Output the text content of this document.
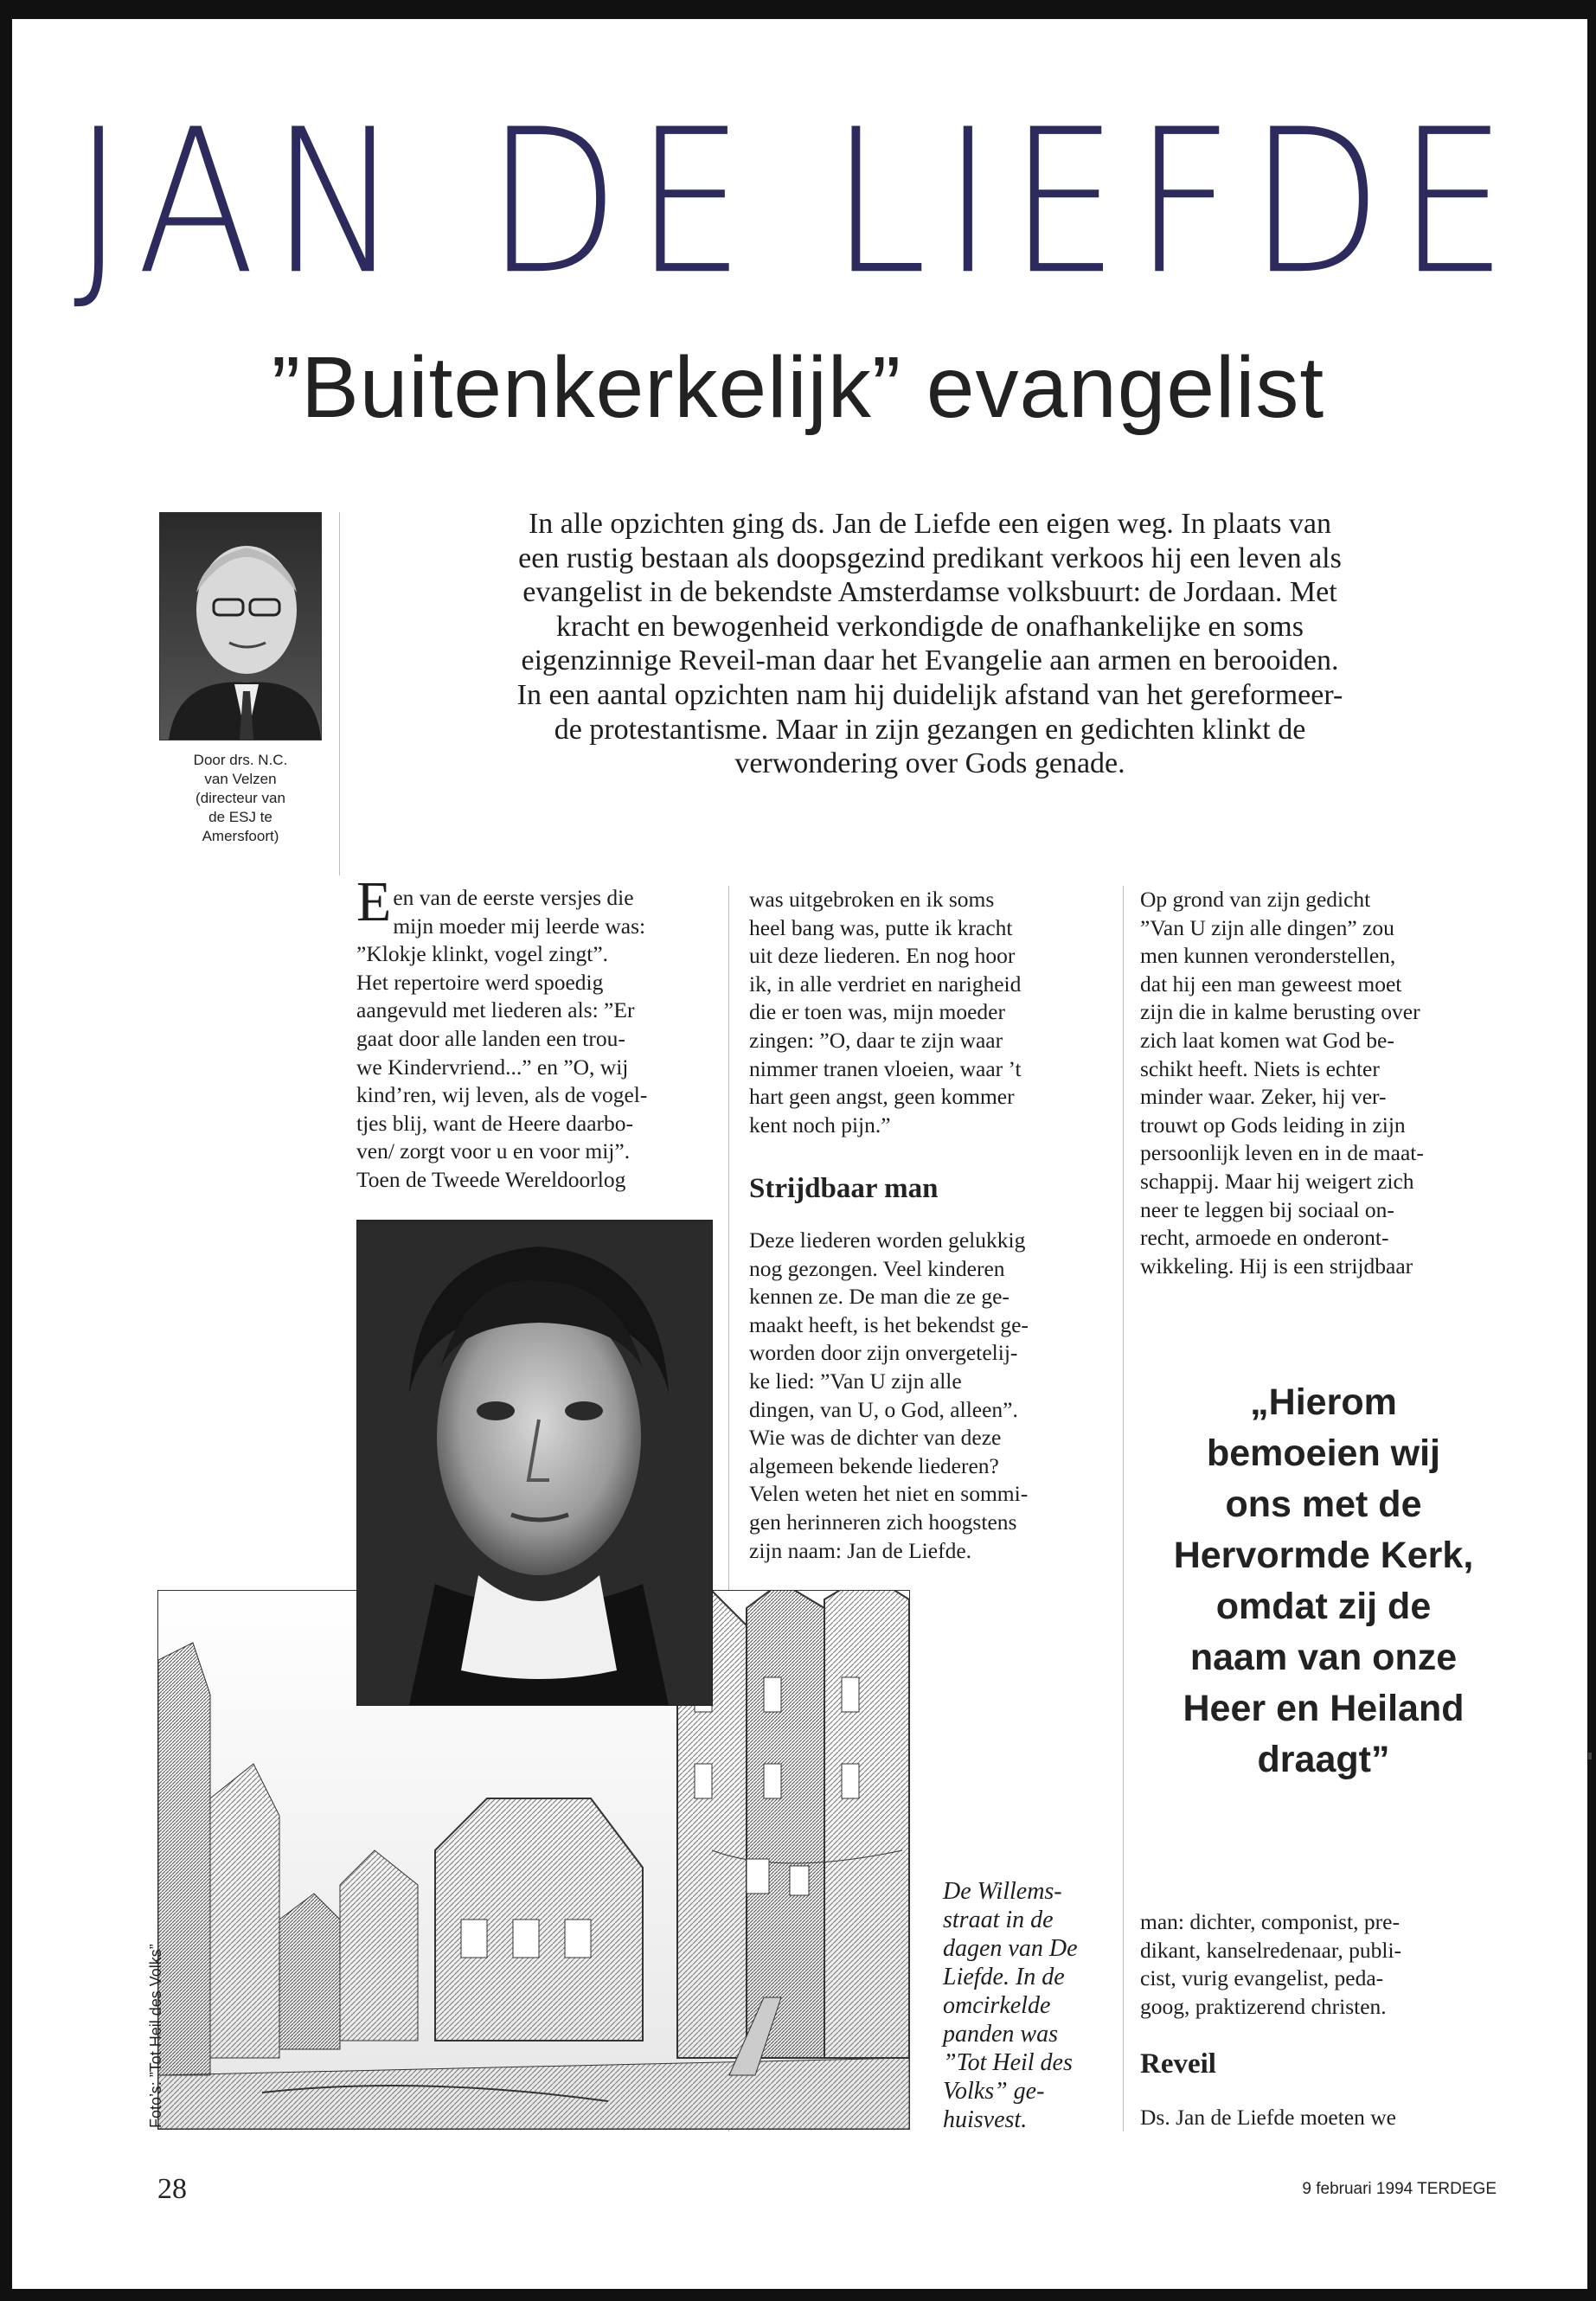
JAN DE LIEFDE
”Buitenkerkelijk” evangelist
Door drs. N.C.
van Velzen
(directeur van
de ESJ te
Amersfoort)
In alle opzichten ging ds. Jan de Liefde een eigen weg. In plaats van
een rustig bestaan als doopsgezind predikant verkoos hij een leven als
evangelist in de bekendste Amsterdamse volksbuurt: de Jordaan. Met
kracht en bewogenheid verkondigde de onafhankelijke en soms
eigenzinnige Reveil-man daar het Evangelie aan armen en berooiden.
In een aantal opzichten nam hij duidelijk afstand van het gereformeer-
de protestantisme. Maar in zijn gezangen en gedichten klinkt de
verwondering over Gods genade.
E en van de eerste versjes die
mijn moeder mij leerde was:
”Klokje klinkt, vogel zingt”.
Het repertoire werd spoedig
aangevuld met liederen als: ”Er
gaat door alle landen een trou-
we Kindervriend...” en ”O, wij
kind’ren, wij leven, als de vogel-
tjes blij, want de Heere daarbo-
ven/ zorgt voor u en voor mij”.
Toen de Tweede Wereldoorlog
was uitgebroken en ik soms
heel bang was, putte ik kracht
uit deze liederen. En nog hoor
ik, in alle verdriet en narigheid
die er toen was, mijn moeder
zingen: ”O, daar te zijn waar
nimmer tranen vloeien, waar ’t
hart geen angst, geen kommer
kent noch pijn.”
Strijdbaar man
Deze liederen worden gelukkig
nog gezongen. Veel kinderen
kennen ze. De man die ze ge-
maakt heeft, is het bekendst ge-
worden door zijn onvergetelij-
ke lied: ”Van U zijn alle
dingen, van U, o God, alleen”.
Wie was de dichter van deze
algemeen bekende liederen?
Velen weten het niet en sommi-
gen herinneren zich hoogstens
zijn naam: Jan de Liefde.
Op grond van zijn gedicht
”Van U zijn alle dingen” zou
men kunnen veronderstellen,
dat hij een man geweest moet
zijn die in kalme berusting over
zich laat komen wat God be-
schikt heeft. Niets is echter
minder waar. Zeker, hij ver-
trouwt op Gods leiding in zijn
persoonlijk leven en in de maat-
schappij. Maar hij weigert zich
neer te leggen bij sociaal on-
recht, armoede en onderont-
wikkeling. Hij is een strijdbaar
„Hierom
bemoeien wij
ons met de
Hervormde Kerk,
omdat zij de
naam van onze
Heer en Heiland
draagt”
man: dichter, componist, pre-
dikant, kanselredenaar, publi-
cist, vurig evangelist, peda-
goog, praktizerend christen.
Reveil
Ds. Jan de Liefde moeten we
De Willems-
straat in de
dagen van De
Liefde. In de
omcirkelde
panden was
”Tot Heil des
Volks” ge-
huisvest.
Foto’s: ”Tot Heil des Volks”
28	9 februari 1994 TERDEGE
